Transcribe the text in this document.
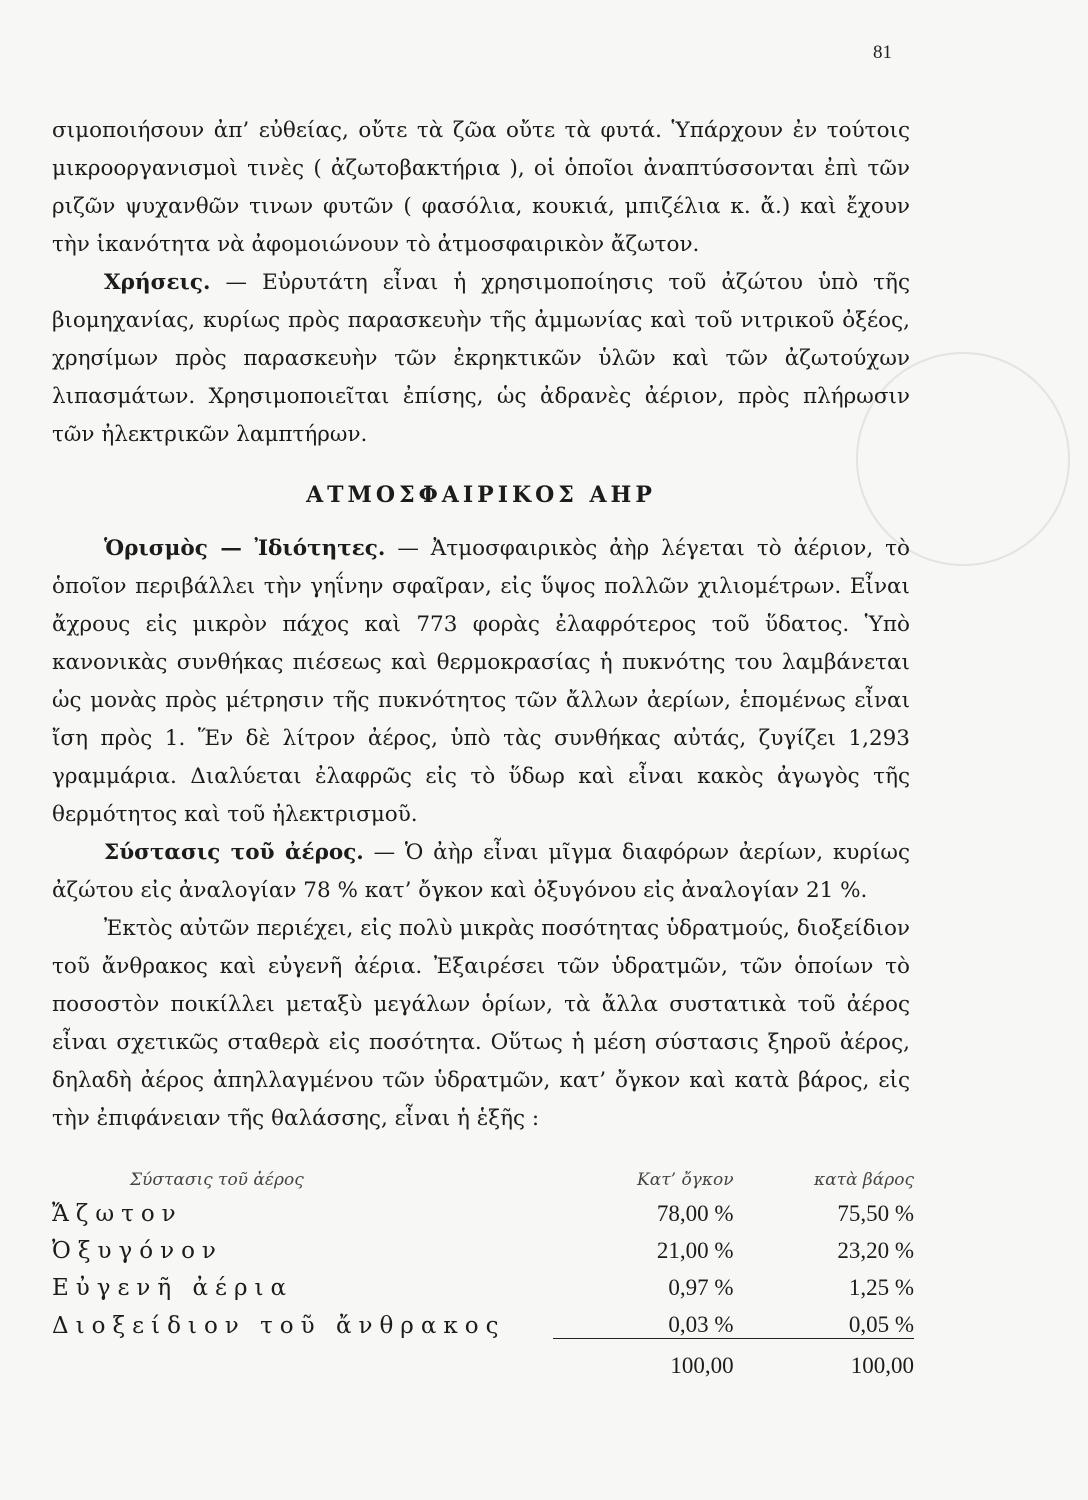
81

σιμοποιήσουν ἀπ’ εὐθείας, οὔτε τὰ ζῶα οὔτε τὰ φυτά. Ὑπάρχουν ἐν τούτοις μικροοργανισμοὶ τινὲς ( ἀζωτοβακτήρια ), οἱ ὁποῖοι ἀναπτύσσονται ἐπὶ τῶν ριζῶν ψυχανθῶν τινων φυτῶν ( φασόλια, κουκιά, μπιζέλια κ. ἄ.) καὶ ἔχουν τὴν ἱκανότητα νὰ ἀφομοιώνουν τὸ ἀτμοσφαιρικὸν ἄζωτον.

Χρήσεις. — Εὐρυτάτη εἶναι ἡ χρησιμοποίησις τοῦ ἀζώτου ὑπὸ τῆς βιομηχανίας, κυρίως πρὸς παρασκευὴν τῆς ἀμμωνίας καὶ τοῦ νιτρικοῦ ὀξέος, χρησίμων πρὸς παρασκευὴν τῶν ἐκρηκτικῶν ὑλῶν καὶ τῶν ἀζωτούχων λιπασμάτων. Χρησιμοποιεῖται ἐπίσης, ὡς ἀδρανὲς ἀέριον, πρὸς πλήρωσιν τῶν ἠλεκτρικῶν λαμπτήρων.

ΑΤΜΟΣΦΑΙΡΙΚΟΣ ΑΗΡ

Ὁρισμὸς — Ἰδιότητες. — Ἀτμοσφαιρικὸς ἀὴρ λέγεται τὸ ἀέριον, τὸ ὁποῖον περιβάλλει τὴν γηΐνην σφαῖραν, εἰς ὕψος πολλῶν χιλιομέτρων. Εἶναι ἄχρους εἰς μικρὸν πάχος καὶ 773 φορὰς ἐλαφρότερος τοῦ ὕδατος. Ὑπὸ κανονικὰς συνθήκας πιέσεως καὶ θερμοκρασίας ἡ πυκνότης του λαμβάνεται ὡς μονὰς πρὸς μέτρησιν τῆς πυκνότητος τῶν ἄλλων ἀερίων, ἑπομένως εἶναι ἴση πρὸς 1. Ἕν δὲ λίτρον ἀέρος, ὑπὸ τὰς συνθήκας αὐτάς, ζυγίζει 1,293 γραμμάρια. Διαλύεται ἐλαφρῶς εἰς τὸ ὕδωρ καὶ εἶναι κακὸς ἀγωγὸς τῆς θερμότητος καὶ τοῦ ἠλεκτρισμοῦ.

Σύστασις τοῦ ἀέρος. — Ὁ ἀὴρ εἶναι μῖγμα διαφόρων ἀερίων, κυρίως ἀζώτου εἰς ἀναλογίαν 78 % κατ’ ὄγκον καὶ ὀξυγόνου εἰς ἀναλογίαν 21 %.

Ἐκτὸς αὐτῶν περιέχει, εἰς πολὺ μικρὰς ποσότητας ὑδρατμούς, διοξείδιον τοῦ ἄνθρακος καὶ εὐγενῆ ἀέρια. Ἐξαιρέσει τῶν ὑδρατμῶν, τῶν ὁποίων τὸ ποσοστὸν ποικίλλει μεταξὺ μεγάλων ὁρίων, τὰ ἄλλα συστατικὰ τοῦ ἀέρος εἶναι σχετικῶς σταθερὰ εἰς ποσότητα. Οὕτως ἡ μέση σύστασις ξηροῦ ἀέρος, δηλαδὴ ἀέρος ἀπηλλαγμένου τῶν ὑδρατμῶν, κατ’ ὄγκον καὶ κατὰ βάρος, εἰς τὴν ἐπιφάνειαν τῆς θαλάσσης, εἶναι ἡ ἑξῆς :

Σύστασις τοῦ ἀέρος	Κατ’ ὄγκον	κατὰ βάρος
Ἄζωτον	78,00 %	75,50 %
Ὀξυγόνον	21,00 %	23,20 %
Εὐγενῆ ἀέρια	0,97 %	1,25 %
Διοξείδιον τοῦ ἄνθρακος	0,03 %	0,05 %
	100,00	100,00
